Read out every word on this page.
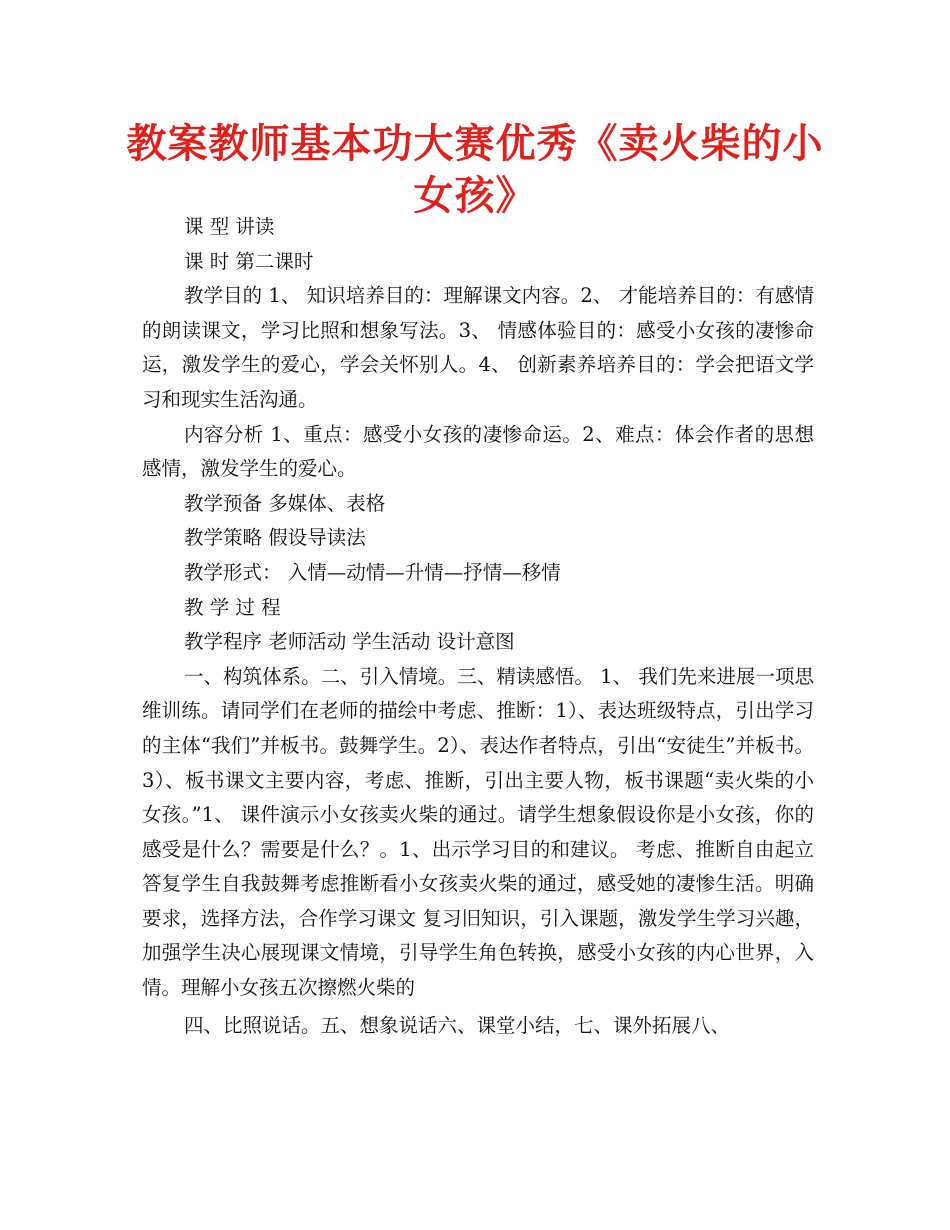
教案教师基本功大赛优秀《卖火柴的小女孩》

课 型 讲读

课 时 第二课时

教学目的 1、 知识培养目的：理解课文内容。2、 才能培养目的：有感情的朗读课文，学习比照和想象写法。3、 情感体验目的：感受小女孩的凄惨命运，激发学生的爱心，学会关怀别人。4、 创新素养培养目的：学会把语文学习和现实生活沟通。

内容分析 1、重点：感受小女孩的凄惨命运。2、难点：体会作者的思想感情，激发学生的爱心。

教学预备 多媒体、表格

教学策略 假设导读法

教学形式： 入情—动情—升情—抒情—移情

教 学 过 程

教学程序 老师活动 学生活动 设计意图

一、构筑体系。二、引入情境。三、精读感悟。 1、 我们先来进展一项思维训练。请同学们在老师的描绘中考虑、推断：1）、表达班级特点，引出学习的主体“我们”并板书。鼓舞学生。2）、表达作者特点，引出“安徒生”并板书。3）、板书课文主要内容，考虑、推断，引出主要人物，板书课题“卖火柴的小女孩。”1、 课件演示小女孩卖火柴的通过。请学生想象假设你是小女孩，你的感受是什么？需要是什么？。1、出示学习目的和建议。 考虑、推断自由起立答复学生自我鼓舞考虑推断看小女孩卖火柴的通过，感受她的凄惨生活。明确要求，选择方法，合作学习课文 复习旧知识，引入课题，激发学生学习兴趣，加强学生决心展现课文情境，引导学生角色转换，感受小女孩的内心世界，入情。理解小女孩五次擦燃火柴的

四、比照说话。五、想象说话六、课堂小结，七、课外拓展八、
